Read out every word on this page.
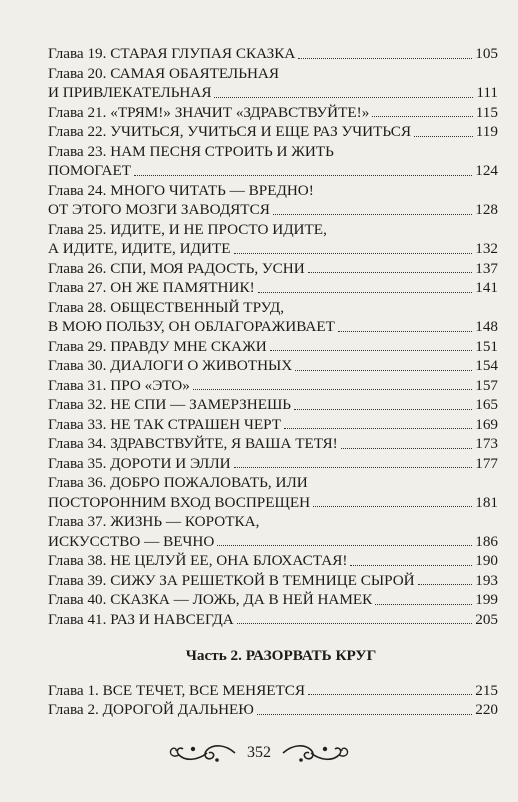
Глава 19. СТАРАЯ ГЛУПАЯ СКАЗКА	105
Глава 20. САМАЯ ОБАЯТЕЛЬНАЯ
И ПРИВЛЕКАТЕЛЬНАЯ	111
Глава 21. «ТРЯМ!» ЗНАЧИТ «ЗДРАВСТВУЙТЕ!»	115
Глава 22. УЧИТЬСЯ, УЧИТЬСЯ И ЕЩЕ РАЗ УЧИТЬСЯ	119
Глава 23. НАМ ПЕСНЯ СТРОИТЬ И ЖИТЬ
ПОМОГАЕТ	124
Глава 24. МНОГО ЧИТАТЬ — ВРЕДНО!
ОТ ЭТОГО МОЗГИ ЗАВОДЯТСЯ	128
Глава 25. ИДИТЕ, И НЕ ПРОСТО ИДИТЕ,
А ИДИТЕ, ИДИТЕ, ИДИТЕ	132
Глава 26. СПИ, МОЯ РАДОСТЬ, УСНИ	137
Глава 27. ОН ЖЕ ПАМЯТНИК!	141
Глава 28. ОБЩЕСТВЕННЫЙ ТРУД,
В МОЮ ПОЛЬЗУ, ОН ОБЛАГОРАЖИВАЕТ	148
Глава 29. ПРАВДУ МНЕ СКАЖИ	151
Глава 30. ДИАЛОГИ О ЖИВОТНЫХ	154
Глава 31. ПРО «ЭТО»	157
Глава 32. НЕ СПИ — ЗАМЕРЗНЕШЬ	165
Глава 33. НЕ ТАК СТРАШЕН ЧЕРТ	169
Глава 34. ЗДРАВСТВУЙТЕ, Я ВАША ТЕТЯ!	173
Глава 35. ДОРОТИ И ЭЛЛИ	177
Глава 36. ДОБРО ПОЖАЛОВАТЬ, ИЛИ
ПОСТОРОННИМ ВХОД ВОСПРЕЩЕН	181
Глава 37. ЖИЗНЬ — КОРОТКА,
ИСКУССТВО — ВЕЧНО	186
Глава 38. НЕ ЦЕЛУЙ ЕЕ, ОНА БЛОХАСТАЯ!	190
Глава 39. СИЖУ ЗА РЕШЕТКОЙ В ТЕМНИЦЕ СЫРОЙ	193
Глава 40. СКАЗКА — ЛОЖЬ, ДА В НЕЙ НАМЕК	199
Глава 41. РАЗ И НАВСЕГДА	205
Часть 2. РАЗОРВАТЬ КРУГ
Глава 1. ВСЕ ТЕЧЕТ, ВСЕ МЕНЯЕТСЯ	215
Глава 2. ДОРОГОЙ ДАЛЬНЕЮ	220
352
